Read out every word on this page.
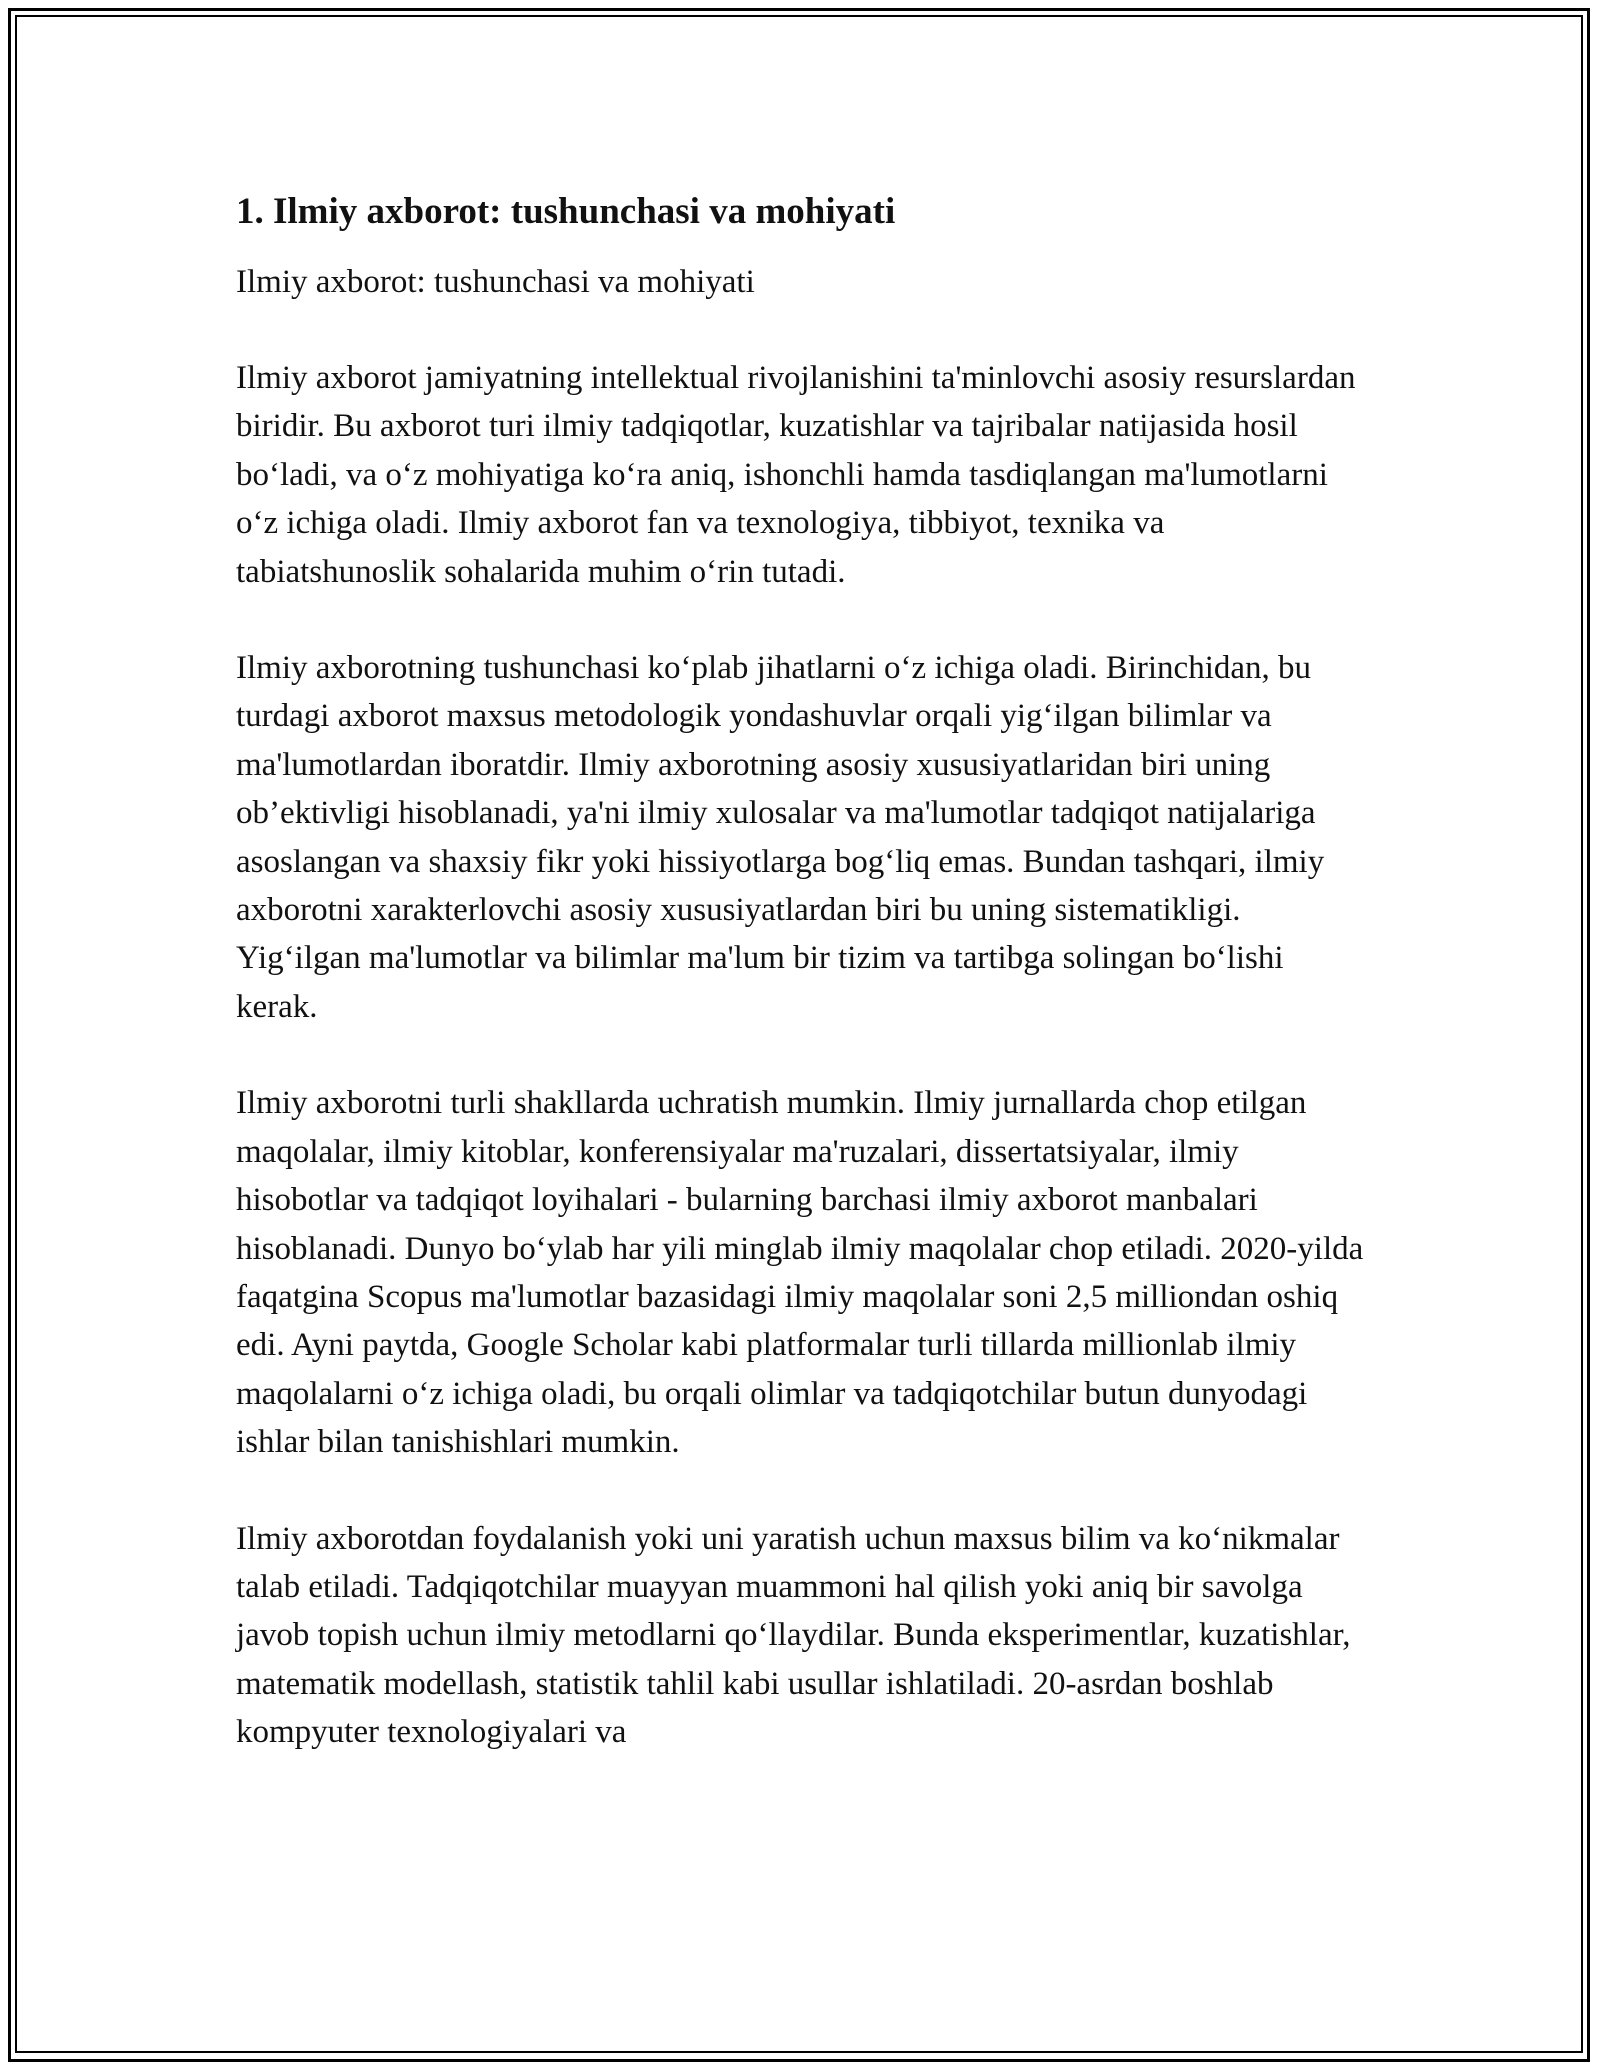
1. Ilmiy axborot: tushunchasi va mohiyati

Ilmiy axborot: tushunchasi va mohiyati

Ilmiy axborot jamiyatning intellektual rivojlanishini ta'minlovchi asosiy resurslardan biridir. Bu axborot turi ilmiy tadqiqotlar, kuzatishlar va tajribalar natijasida hosil bo‘ladi, va o‘z mohiyatiga ko‘ra aniq, ishonchli hamda tasdiqlangan ma'lumotlarni o‘z ichiga oladi. Ilmiy axborot fan va texnologiya, tibbiyot, texnika va tabiatshunoslik sohalarida muhim o‘rin tutadi.

Ilmiy axborotning tushunchasi ko‘plab jihatlarni o‘z ichiga oladi. Birinchidan, bu turdagi axborot maxsus metodologik yondashuvlar orqali yig‘ilgan bilimlar va ma'lumotlardan iboratdir. Ilmiy axborotning asosiy xususiyatlaridan biri uning ob’ektivligi hisoblanadi, ya'ni ilmiy xulosalar va ma'lumotlar tadqiqot natijalariga asoslangan va shaxsiy fikr yoki hissiyotlarga bog‘liq emas. Bundan tashqari, ilmiy axborotni xarakterlovchi asosiy xususiyatlardan biri bu uning sistematikligi. Yig‘ilgan ma'lumotlar va bilimlar ma'lum bir tizim va tartibga solingan bo‘lishi kerak.

Ilmiy axborotni turli shakllarda uchratish mumkin. Ilmiy jurnallarda chop etilgan maqolalar, ilmiy kitoblar, konferensiyalar ma'ruzalari, dissertatsiyalar, ilmiy hisobotlar va tadqiqot loyihalari - bularning barchasi ilmiy axborot manbalari hisoblanadi. Dunyo bo‘ylab har yili minglab ilmiy maqolalar chop etiladi. 2020-yilda faqatgina Scopus ma'lumotlar bazasidagi ilmiy maqolalar soni 2,5 milliondan oshiq edi. Ayni paytda, Google Scholar kabi platformalar turli tillarda millionlab ilmiy maqolalarni o‘z ichiga oladi, bu orqali olimlar va tadqiqotchilar butun dunyodagi ishlar bilan tanishishlari mumkin.

Ilmiy axborotdan foydalanish yoki uni yaratish uchun maxsus bilim va ko‘nikmalar talab etiladi. Tadqiqotchilar muayyan muammoni hal qilish yoki aniq bir savolga javob topish uchun ilmiy metodlarni qo‘llaydilar. Bunda eksperimentlar, kuzatishlar, matematik modellash, statistik tahlil kabi usullar ishlatiladi. 20-asrdan boshlab kompyuter texnologiyalari va
